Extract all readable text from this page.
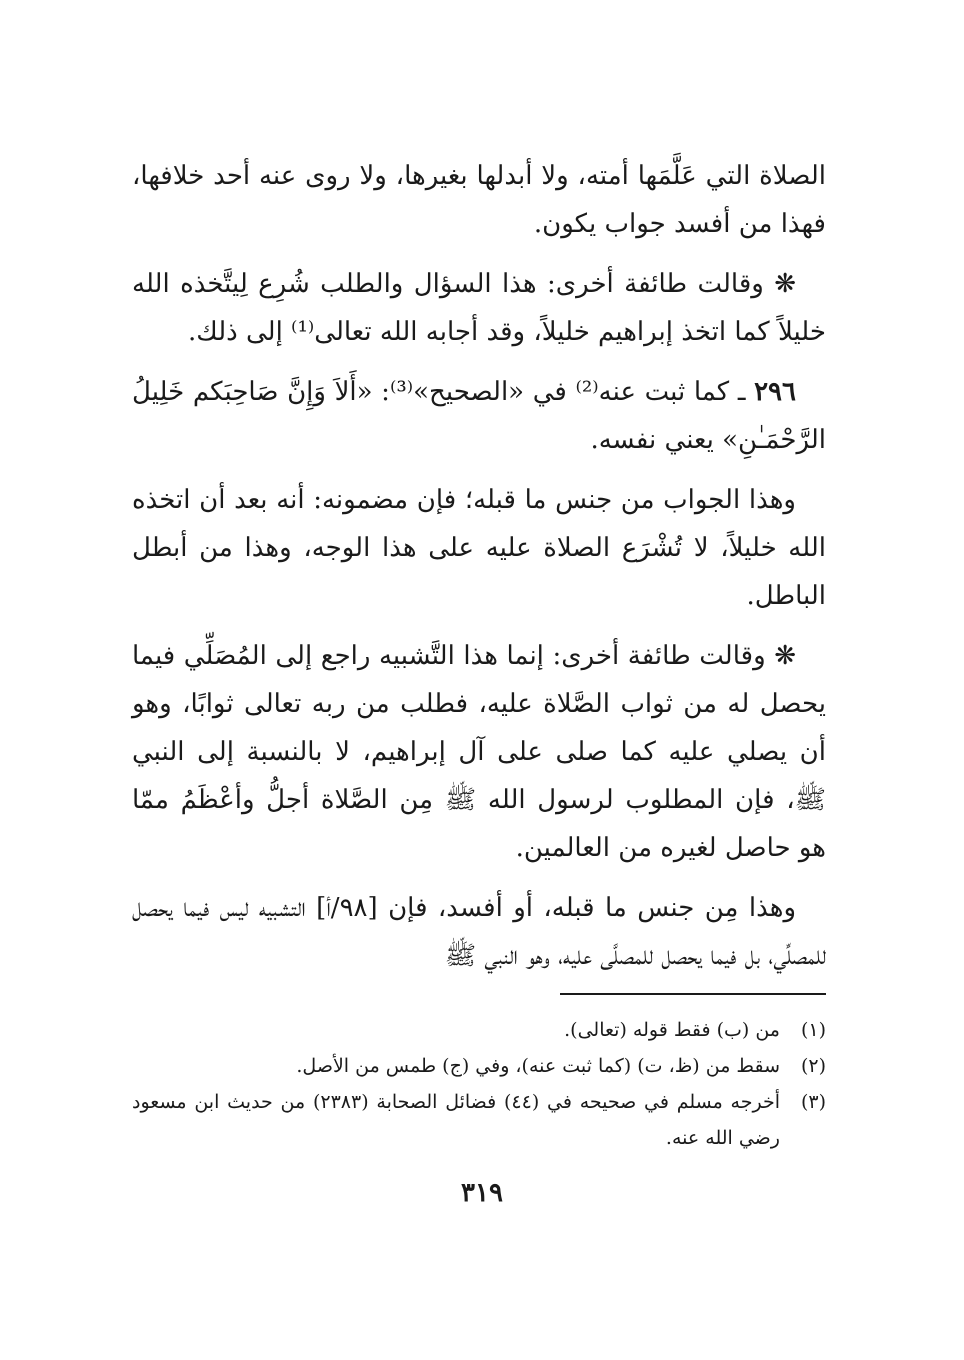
الصلاة التي عَلَّمَها أمته، ولا أبدلها بغيرها، ولا روى عنه أحد خلافها، فهذا من أفسد جواب يكون.

❋ وقالت طائفة أخرى: هذا السؤال والطلب شُرِع لِيتَّخذه الله خليلاً كما اتخذ إبراهيم خليلاً، وقد أجابه الله تعالى⁽¹⁾ إلى ذلك.

٢٩٦ ـ كما ثبت عنه⁽²⁾ في «الصحيح»⁽³⁾: «أَلاَ وَإِنَّ صَاحِبَكم خَلِيلُ الرَّحْمَـٰنِ» يعني نفسه.

وهذا الجواب من جنس ما قبله؛ فإن مضمونه: أنه بعد أن اتخذه الله خليلاً، لا تُشْرَع الصلاة عليه على هذا الوجه، وهذا من أبطل الباطل.

❋ وقالت طائفة أخرى: إنما هذا التَّشبيه راجع إلى المُصَلِّي فيما يحصل له من ثواب الصَّلاة عليه، فطلب من ربه تعالى ثوابًا، وهو أن يصلي عليه كما صلى على آل إبراهيم، لا بالنسبة إلى النبي ﷺ، فإن المطلوب لرسول الله ﷺ مِن الصَّلاة أجلُّ وأعْظَمُ ممّا هو حاصل لغيره من العالمين.

وهذا مِن جنس ما قبله، أو أفسد، فإن [٩٨/أ] التشبيه ليس فيما يحصل للمصلِّي، بل فيما يحصل للمصلَّى عليه، وهو النبي ﷺ

(١)
من (ب) فقط قوله (تعالى).
(٢)
سقط من (ظ، ت) (كما ثبت عنه)، وفي (ج) طمس من الأصل.
(٣)
أخرجه مسلم في صحيحه في (٤٤) فضائل الصحابة (٢٣٨٣) من حديث ابن مسعود رضي الله عنه.
٣١٩
